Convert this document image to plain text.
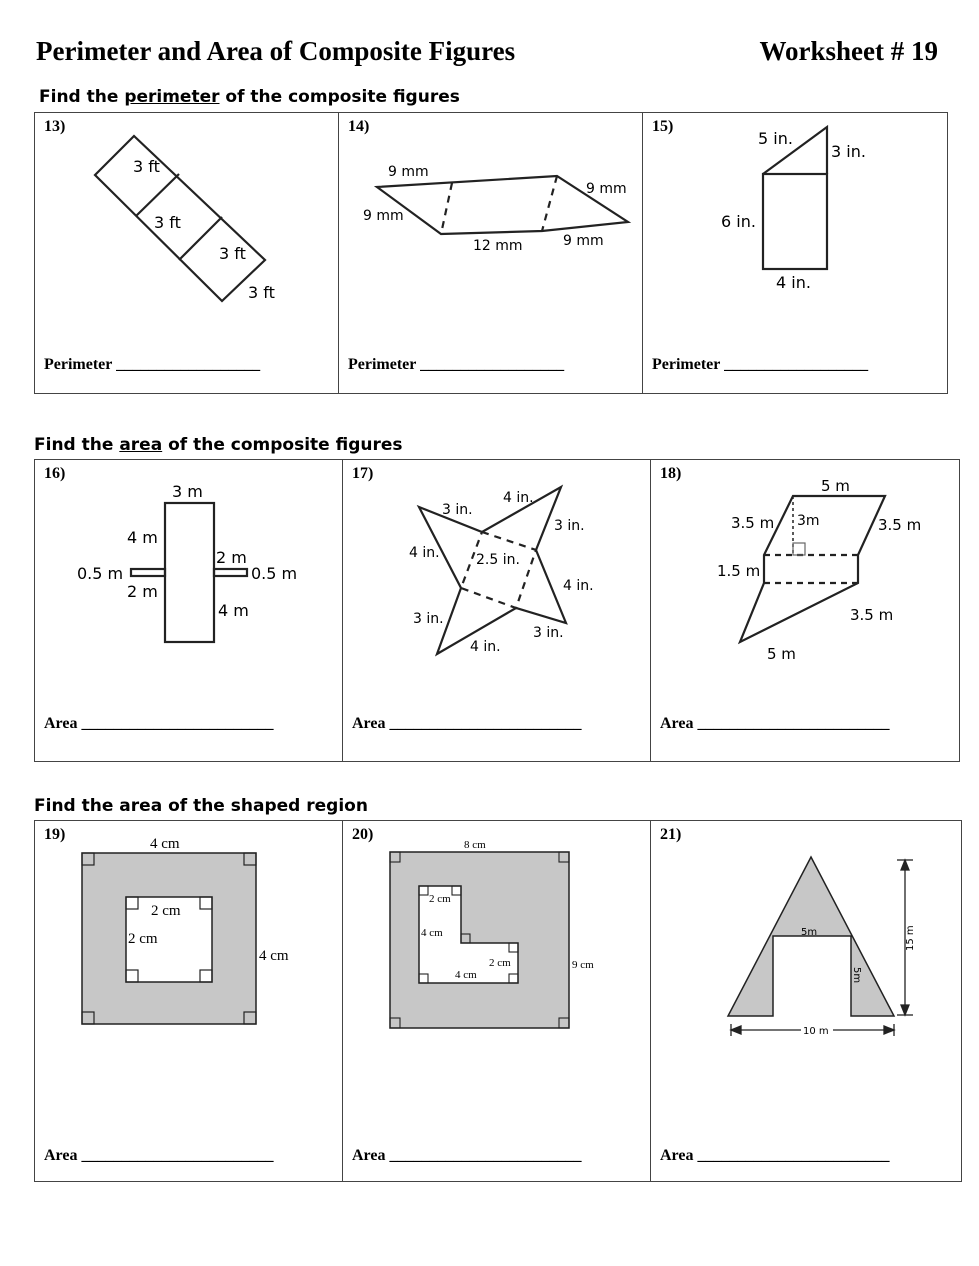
Perimeter and Area of Composite Figures	Worksheet # 19
Find the perimeter of the composite figures
13)
3 ft
3 ft
3 ft
3 ft
Perimeter __________________

14)
9 mm
9 mm
12 mm
9 mm
9 mm
Perimeter __________________

15)
5 in.
3 in.
6 in.
4 in.
Perimeter __________________
Find the area of the composite figures
16)
3 m
4 m
0.5 m
2 m
2 m
0.5 m
4 m
Area ________________________

17)
3 in.
4 in.
3 in.
4 in.	2.5 in.
4 in.
3 in.
3 in.
4 in.
Area ________________________

18)
5 m
3.5 m 3m	3.5 m
1.5 m
3.5 m
5 m
Area ________________________
Find the area of the shaped region
19)
4 cm
2 cm
2 cm
4 cm
Area ________________________

20)
8 cm
2 cm
4 cm
2 cm
4 cm
9 cm
Area ________________________

21)
5m	15 m
5m
10 m
Area ________________________
